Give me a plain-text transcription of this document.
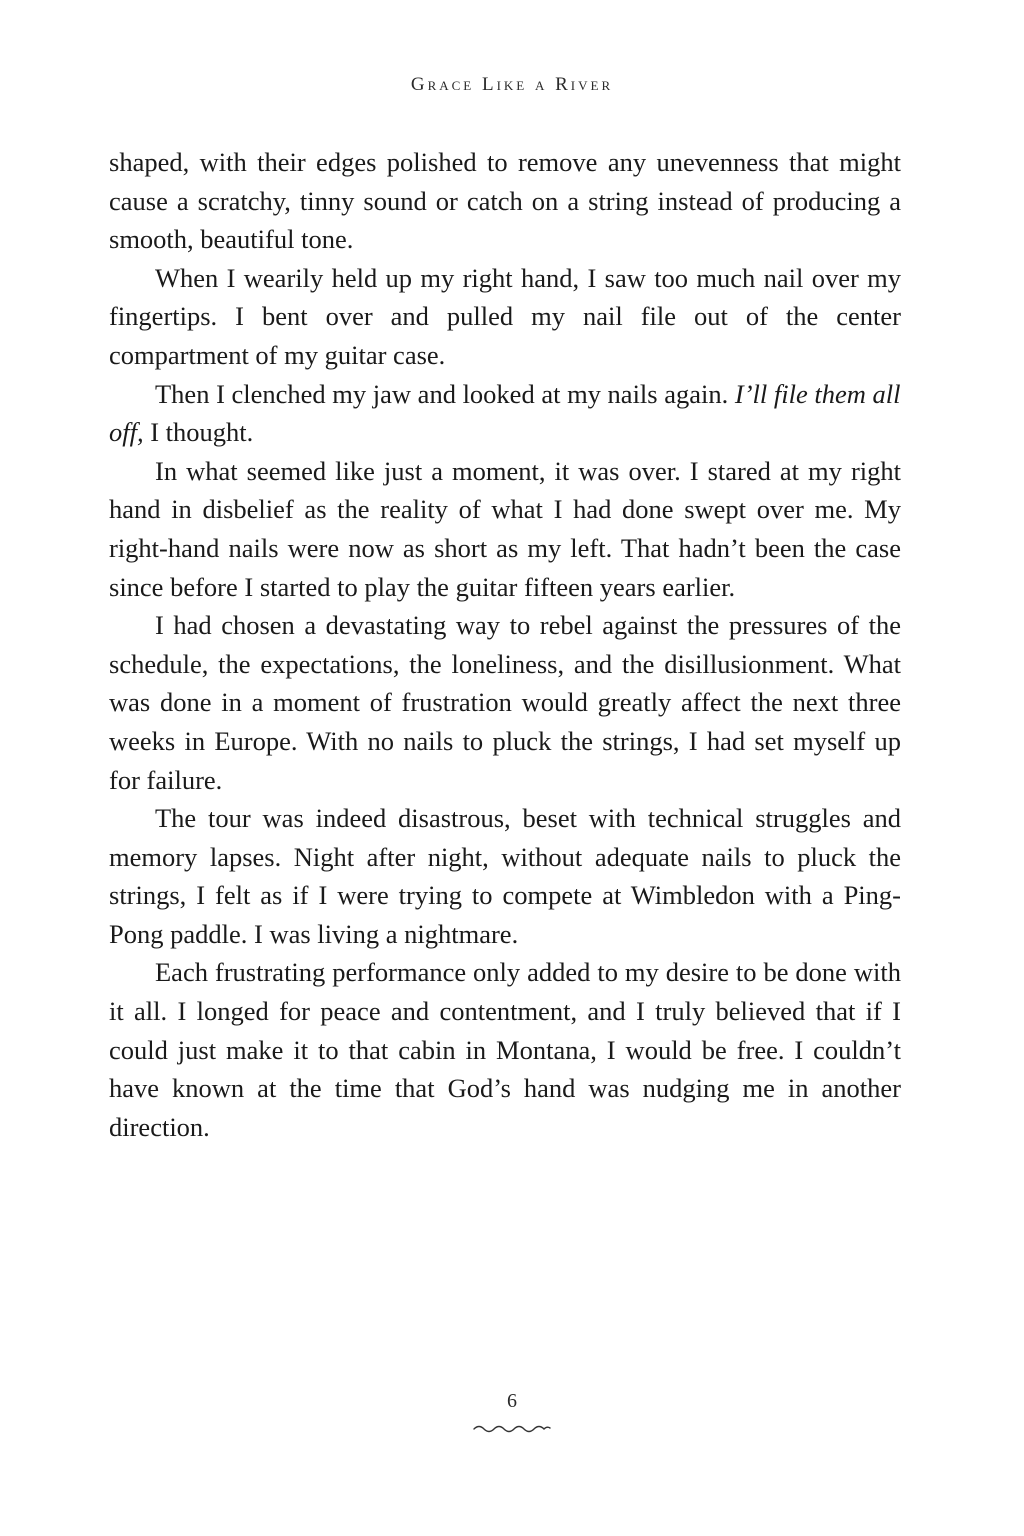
Grace Like a River

shaped, with their edges polished to remove any unevenness that might cause a scratchy, tinny sound or catch on a string instead of producing a smooth, beautiful tone.

When I wearily held up my right hand, I saw too much nail over my fingertips. I bent over and pulled my nail file out of the center compartment of my guitar case.

Then I clenched my jaw and looked at my nails again. I’ll file them all off, I thought.

In what seemed like just a moment, it was over. I stared at my right hand in disbelief as the reality of what I had done swept over me. My right-hand nails were now as short as my left. That hadn’t been the case since before I started to play the guitar fifteen years earlier.

I had chosen a devastating way to rebel against the pressures of the schedule, the expectations, the loneliness, and the disillusionment. What was done in a moment of frustration would greatly affect the next three weeks in Europe. With no nails to pluck the strings, I had set myself up for failure.

The tour was indeed disastrous, beset with technical struggles and memory lapses. Night after night, without adequate nails to pluck the strings, I felt as if I were trying to compete at Wimbledon with a Ping-Pong paddle. I was living a nightmare.

Each frustrating performance only added to my desire to be done with it all. I longed for peace and contentment, and I truly believed that if I could just make it to that cabin in Montana, I would be free. I couldn’t have known at the time that God’s hand was nudging me in another direction.

6
